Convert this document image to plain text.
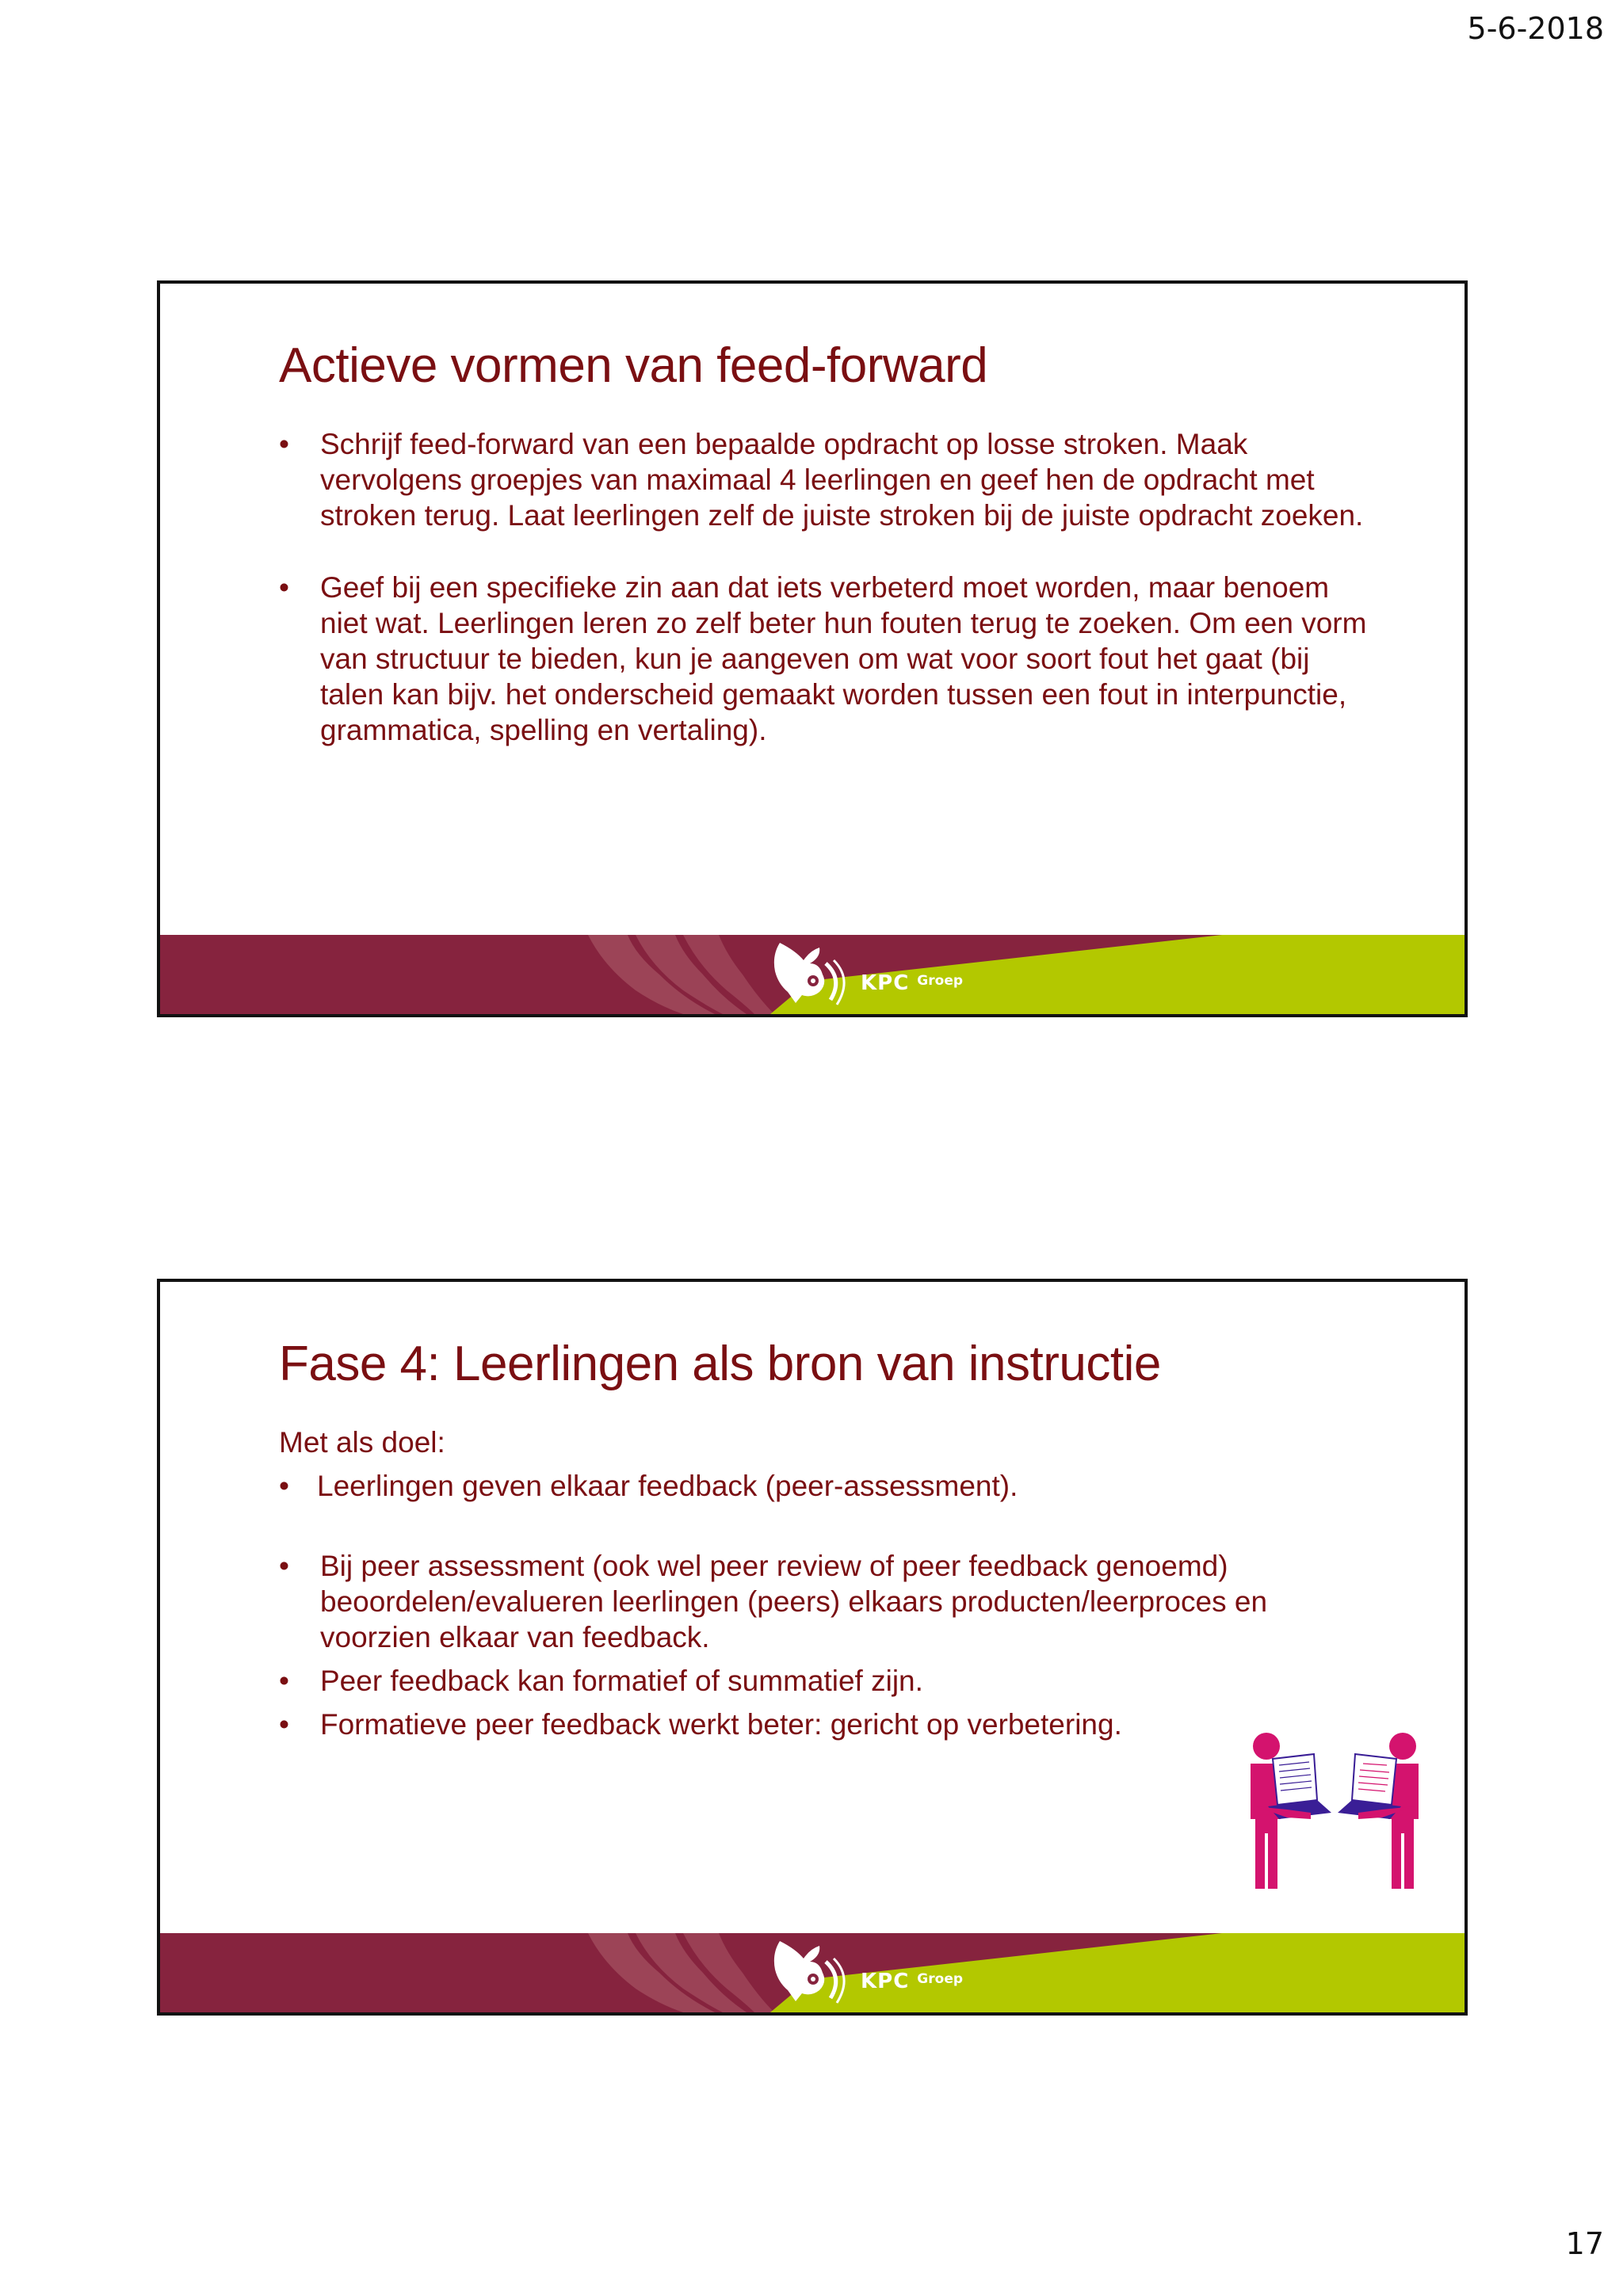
5-6-2018
Actieve vormen van feed-forward

• Schrijf feed-forward van een bepaalde opdracht op losse stroken. Maak vervolgens groepjes van maximaal 4 leerlingen en geef hen de opdracht met stroken terug. Laat leerlingen zelf de juiste stroken bij de juiste opdracht zoeken.

• Geef bij een specifieke zin aan dat iets verbeterd moet worden, maar benoem niet wat. Leerlingen leren zo zelf beter hun fouten terug te zoeken. Om een vorm van structuur te bieden, kun je aangeven om wat voor soort fout het gaat (bij talen kan bijv. het onderscheid gemaakt worden tussen een fout in interpunctie, grammatica, spelling en vertaling).

KPC Groep
Fase 4: Leerlingen als bron van instructie

Met als doel:

• Leerlingen geven elkaar feedback (peer-assessment).

• Bij peer assessment (ook wel peer review of peer feedback genoemd) beoordelen/evalueren leerlingen (peers) elkaars producten/leerproces en voorzien elkaar van feedback.

• Peer feedback kan formatief of summatief zijn.

• Formatieve peer feedback werkt beter: gericht op verbetering.

KPC Groep
17
